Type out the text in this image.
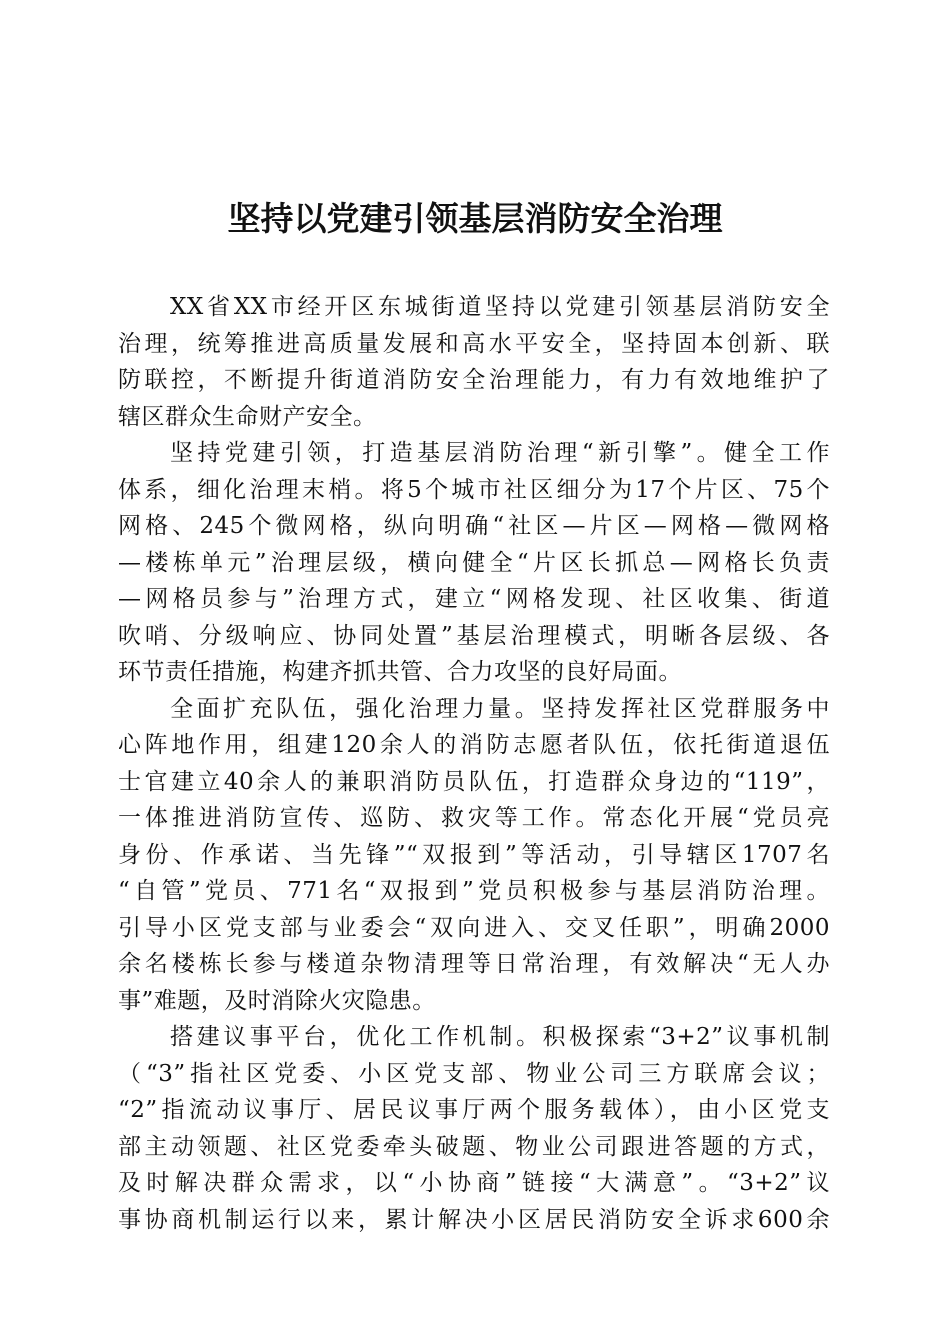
坚持以党建引领基层消防安全治理
XX省XX市经开区东城街道坚持以党建引领基层消防安全
治理，统筹推进高质量发展和高水平安全，坚持固本创新、联
防联控，不断提升街道消防安全治理能力，有力有效地维护了
辖区群众生命财产安全。
坚持党建引领，打造基层消防治理“新引擎”。健全工作
体系，细化治理末梢。将5个城市社区细分为17个片区、75个
网格、245个微网格，纵向明确“社区—片区—网格—微网格
—楼栋单元”治理层级，横向健全“片区长抓总—网格长负责
—网格员参与”治理方式，建立“网格发现、社区收集、街道
吹哨、分级响应、协同处置”基层治理模式，明晰各层级、各
环节责任措施，构建齐抓共管、合力攻坚的良好局面。
全面扩充队伍，强化治理力量。坚持发挥社区党群服务中
心阵地作用，组建120余人的消防志愿者队伍，依托街道退伍
士官建立40余人的兼职消防员队伍，打造群众身边的“119”，
一体推进消防宣传、巡防、救灾等工作。常态化开展“党员亮
身份、作承诺、当先锋”“双报到”等活动，引导辖区1707名
“自管”党员、771名“双报到”党员积极参与基层消防治理。
引导小区党支部与业委会“双向进入、交叉任职”，明确2000
余名楼栋长参与楼道杂物清理等日常治理，有效解决“无人办
事”难题，及时消除火灾隐患。
搭建议事平台，优化工作机制。积极探索“3+2”议事机制
（“3”指社区党委、小区党支部、物业公司三方联席会议；
“2”指流动议事厅、居民议事厅两个服务载体），由小区党支
部主动领题、社区党委牵头破题、物业公司跟进答题的方式，
及时解决群众需求，以“小协商”链接“大满意”。“3+2”议
事协商机制运行以来，累计解决小区居民消防安全诉求600余
